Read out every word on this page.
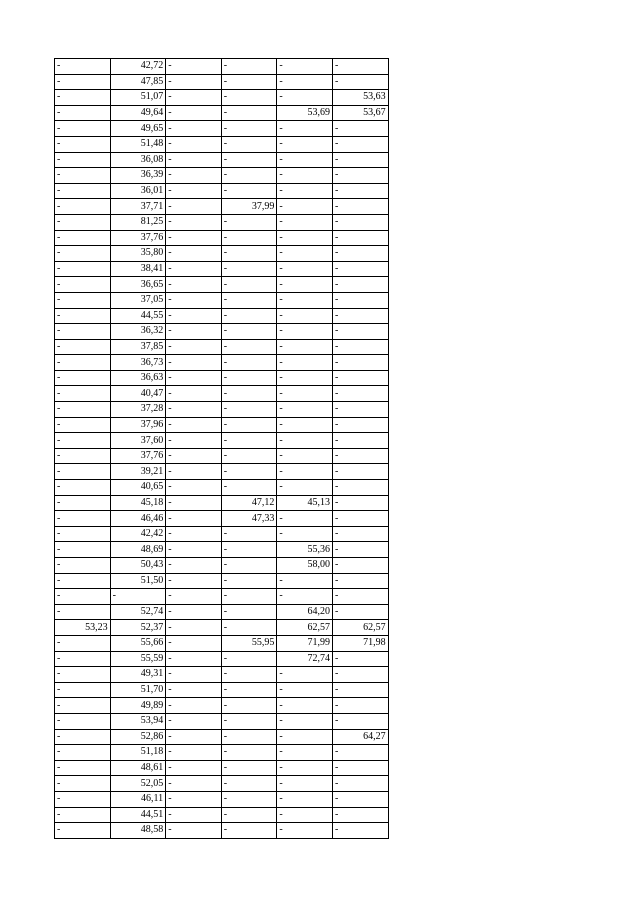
-	42,72	-	-	-	-
-	47,85	-	-	-	-
-	51,07	-	-	-	53,63
-	49,64	-	-	53,69	53,67
-	49,65	-	-	-	-
-	51,48	-	-	-	-
-	36,08	-	-	-	-
-	36,39	-	-	-	-
-	36,01	-	-	-	-
-	37,71	-	37,99	-	-
-	81,25	-	-	-	-
-	37,76	-	-	-	-
-	35,80	-	-	-	-
-	38,41	-	-	-	-
-	36,65	-	-	-	-
-	37,05	-	-	-	-
-	44,55	-	-	-	-
-	36,32	-	-	-	-
-	37,85	-	-	-	-
-	36,73	-	-	-	-
-	36,63	-	-	-	-
-	40,47	-	-	-	-
-	37,28	-	-	-	-
-	37,96	-	-	-	-
-	37,60	-	-	-	-
-	37,76	-	-	-	-
-	39,21	-	-	-	-
-	40,65	-	-	-	-
-	45,18	-	47,12	45,13	-
-	46,46	-	47,33	-	-
-	42,42	-	-	-	-
-	48,69	-	-	55,36	-
-	50,43	-	-	58,00	-
-	51,50	-	-	-	-
-	-	-	-	-	-
-	52,74	-	-	64,20	-
53,23	52,37	-	-	62,57	62,57
-	55,66	-	55,95	71,99	71,98
-	55,59	-	-	72,74	-
-	49,31	-	-	-	-
-	51,70	-	-	-	-
-	49,89	-	-	-	-
-	53,94	-	-	-	-
-	52,86	-	-	-	64,27
-	51,18	-	-	-	-
-	48,61	-	-	-	-
-	52,05	-	-	-	-
-	46,11	-	-	-	-
-	44,51	-	-	-	-
-	48,58	-	-	-	-
